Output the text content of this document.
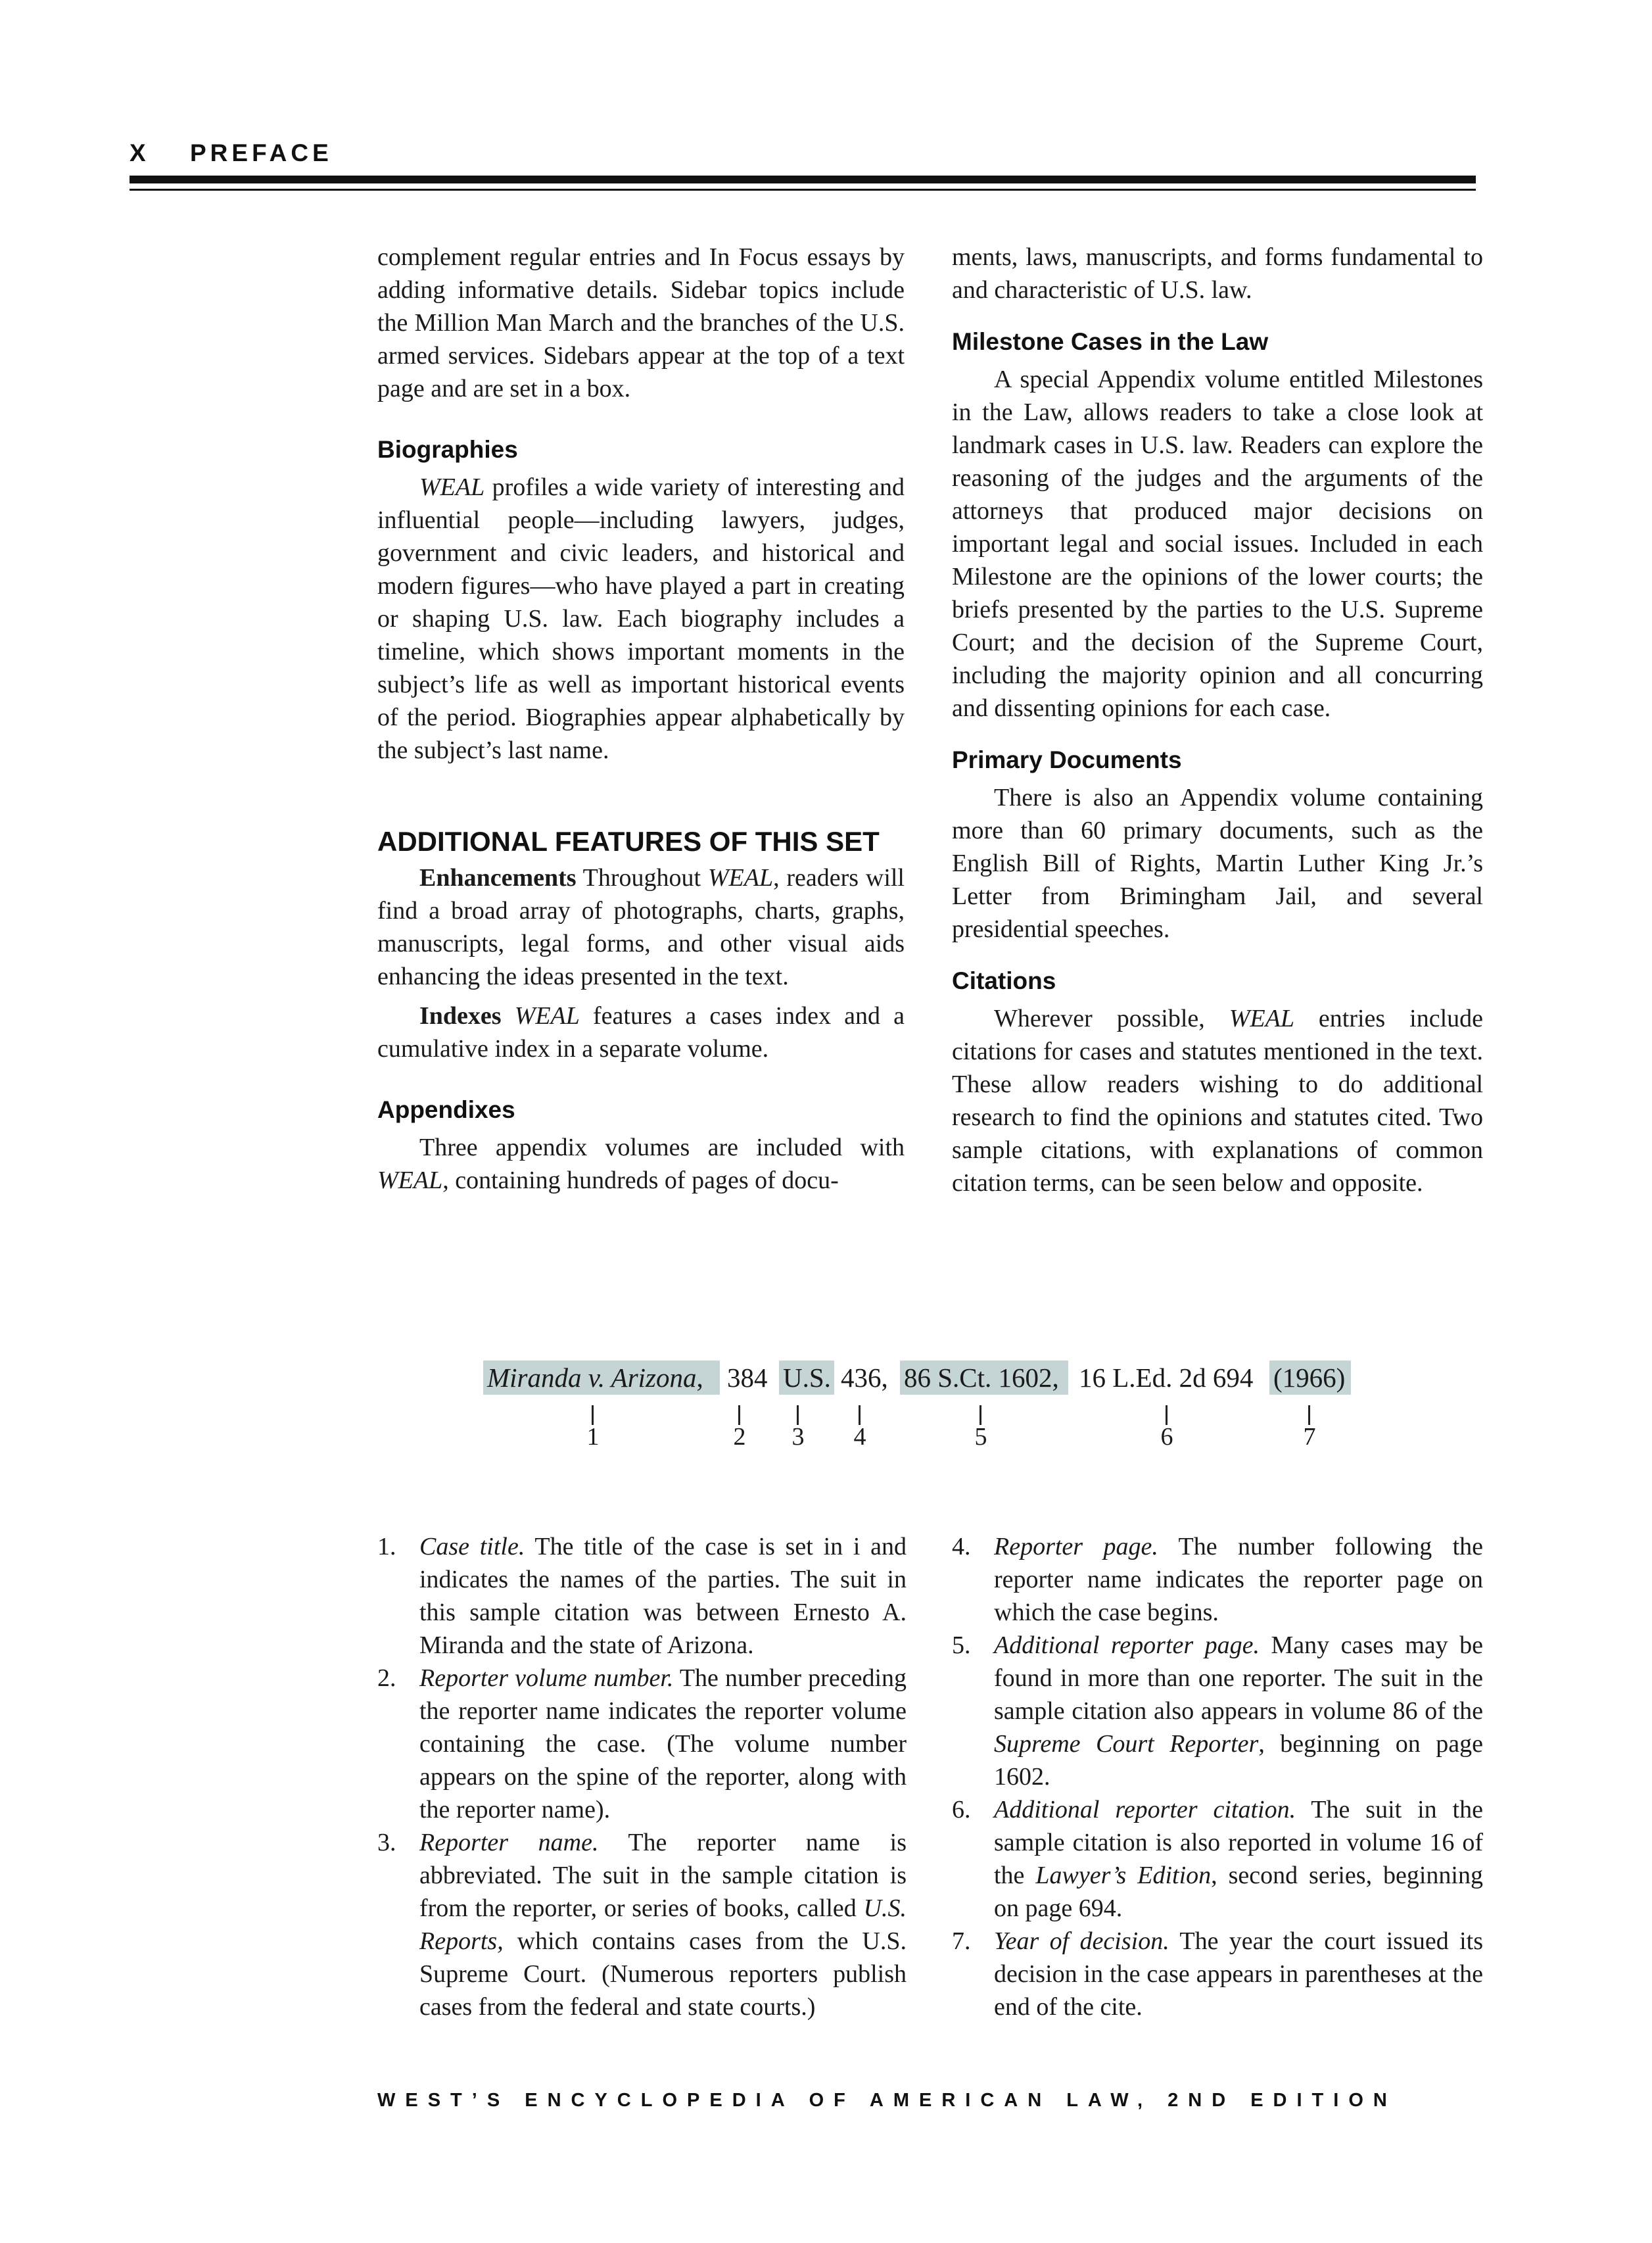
X PREFACE

complement regular entries and In Focus essays by adding informative details. Sidebar topics include the Million Man March and the branches of the U.S. armed services. Sidebars appear at the top of a text page and are set in a box.

Biographies

WEAL profiles a wide variety of interesting and influential people—including lawyers, judges, government and civic leaders, and historical and modern figures—who have played a part in creating or shaping U.S. law. Each biography includes a timeline, which shows important moments in the subject’s life as well as important historical events of the period. Biographies appear alphabetically by the subject’s last name.

ADDITIONAL FEATURES OF THIS SET

Enhancements Throughout WEAL, readers will find a broad array of photographs, charts, graphs, manuscripts, legal forms, and other visual aids enhancing the ideas presented in the text.

Indexes WEAL features a cases index and a cumulative index in a separate volume.

Appendixes

Three appendix volumes are included with WEAL, containing hundreds of pages of docu-

ments, laws, manuscripts, and forms fundamental to and characteristic of U.S. law.

Milestone Cases in the Law

A special Appendix volume entitled Milestones in the Law, allows readers to take a close look at landmark cases in U.S. law. Readers can explore the reasoning of the judges and the arguments of the attorneys that produced major decisions on important legal and social issues. Included in each Milestone are the opinions of the lower courts; the briefs presented by the parties to the U.S. Supreme Court; and the decision of the Supreme Court, including the majority opinion and all concurring and dissenting opinions for each case.

Primary Documents

There is also an Appendix volume containing more than 60 primary documents, such as the English Bill of Rights, Martin Luther King Jr.’s Letter from Brimingham Jail, and several presidential speeches.

Citations

Wherever possible, WEAL entries include citations for cases and statutes mentioned in the text. These allow readers wishing to do additional research to find the opinions and statutes cited. Two sample citations, with explanations of common citation terms, can be seen below and opposite.

Miranda v. Arizona, 384 U.S. 436, 86 S.Ct. 1602, 16 L.Ed. 2d 694 (1966)
1	2 3 4	5	6	7

1. Case title. The title of the case is set in i and indicates the names of the parties. The suit in this sample citation was between Ernesto A. Miranda and the state of Arizona.

2. Reporter volume number. The number preceding the reporter name indicates the reporter volume containing the case. (The volume number appears on the spine of the reporter, along with the reporter name).

3. Reporter name. The reporter name is abbreviated. The suit in the sample citation is from the reporter, or series of books, called U.S. Reports, which contains cases from the U.S. Supreme Court. (Numerous reporters publish cases from the federal and state courts.)

4. Reporter page. The number following the reporter name indicates the reporter page on which the case begins.

5. Additional reporter page. Many cases may be found in more than one reporter. The suit in the sample citation also appears in volume 86 of the Supreme Court Reporter, beginning on page 1602.

6. Additional reporter citation. The suit in the sample citation is also reported in volume 16 of the Lawyer’s Edition, second series, beginning on page 694.

7. Year of decision. The year the court issued its decision in the case appears in parentheses at the end of the cite.

WEST’S ENCYCLOPEDIA OF AMERICAN LAW, 2ND EDITION
